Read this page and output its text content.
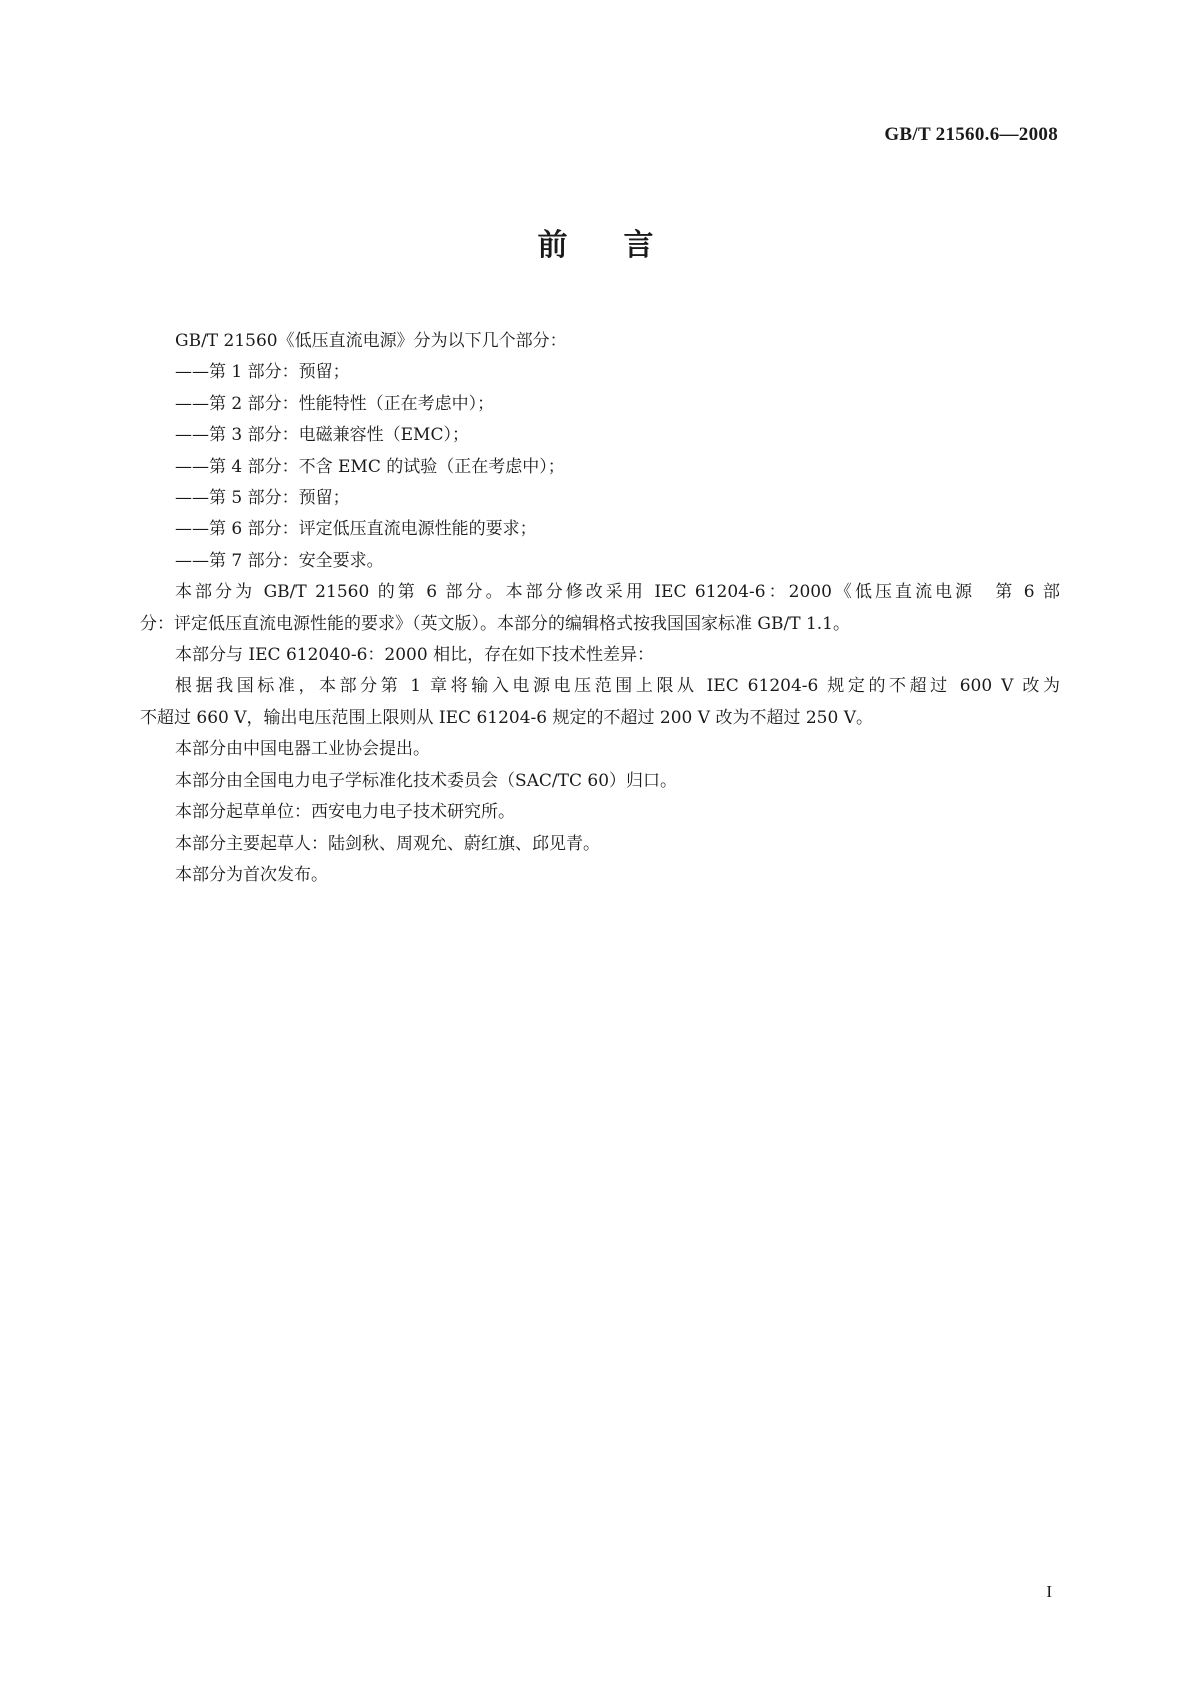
GB/T 21560.6—2008
前 言
GB/T 21560《低压直流电源》分为以下几个部分：
——第 1 部分：预留；
——第 2 部分：性能特性（正在考虑中）；
——第 3 部分：电磁兼容性（EMC）；
——第 4 部分：不含 EMC 的试验（正在考虑中）；
——第 5 部分：预留；
——第 6 部分：评定低压直流电源性能的要求；
——第 7 部分：安全要求。
本部分为 GB/T 21560 的第 6 部分。本部分修改采用 IEC 61204-6：2000《低压直流电源　第 6 部
分：评定低压直流电源性能的要求》（英文版）。本部分的编辑格式按我国国家标准 GB/T 1.1。
本部分与 IEC 612040-6：2000 相比，存在如下技术性差异：
根据我国标准，本部分第 1 章将输入电源电压范围上限从 IEC 61204-6 规定的不超过 600 V 改为
不超过 660 V，输出电压范围上限则从 IEC 61204-6 规定的不超过 200 V 改为不超过 250 V。
本部分由中国电器工业协会提出。
本部分由全国电力电子学标准化技术委员会（SAC/TC 60）归口。
本部分起草单位：西安电力电子技术研究所。
本部分主要起草人：陆剑秋、周观允、蔚红旗、邱见青。
本部分为首次发布。
I
